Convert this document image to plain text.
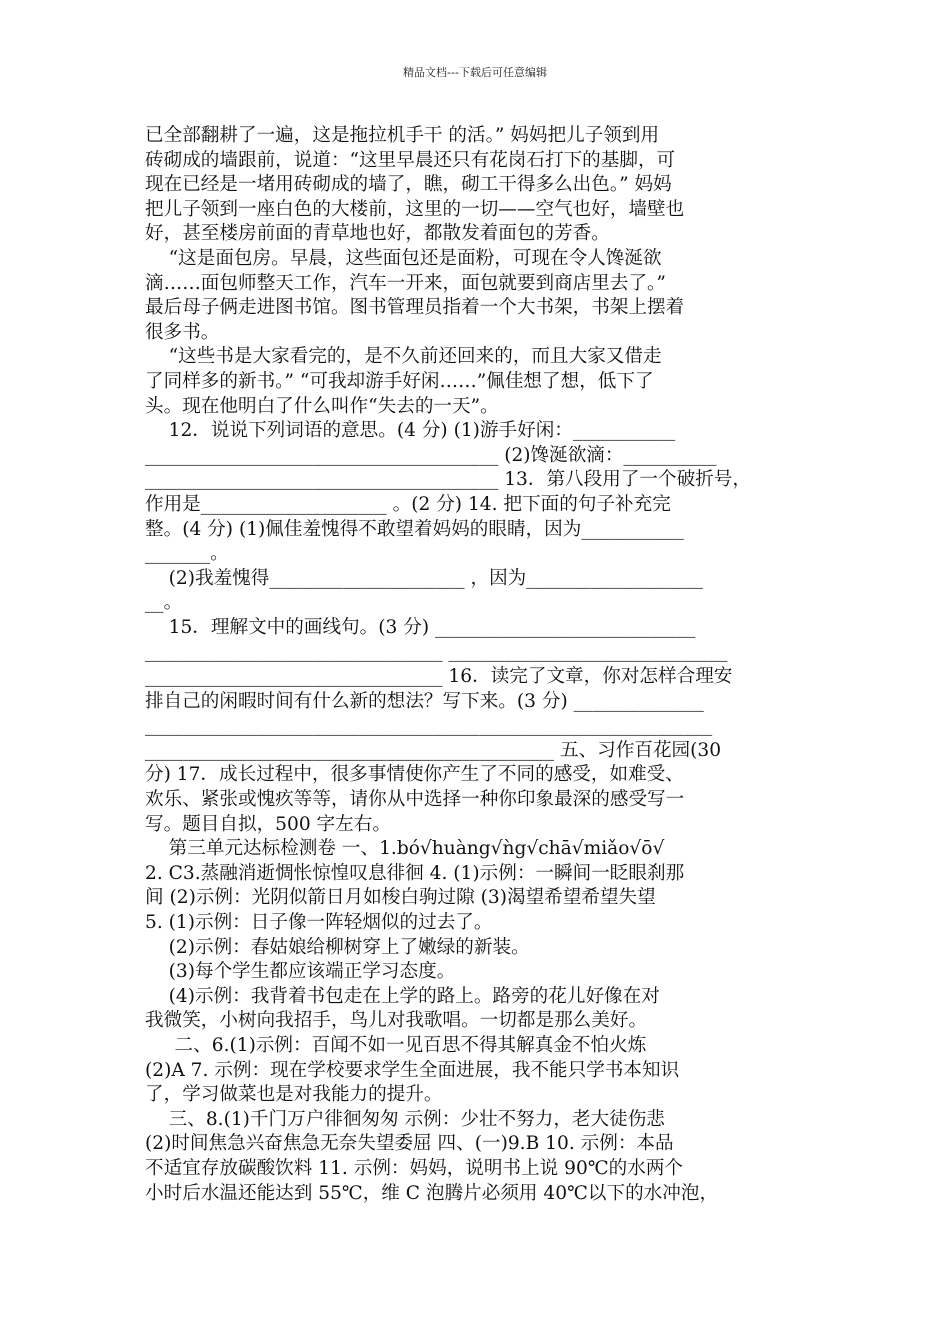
精品文档---下载后可任意编辑
已全部翻耕了一遍，这是拖拉机手干 的活。” 妈妈把儿子领到用
砖砌成的墙跟前，说道：“这里早晨还只有花岗石打下的基脚，可
现在已经是一堵用砖砌成的墙了，瞧，砌工干得多么出色。” 妈妈
把儿子领到一座白色的大楼前，这里的一切——空气也好，墙壁也
好，甚至楼房前面的青草地也好，都散发着面包的芳香。
“这是面包房。早晨，这些面包还是面粉，可现在令人馋涎欲
滴……面包师整天工作，汽车一开来，面包就要到商店里去了。”
最后母子俩走进图书馆。图书管理员指着一个大书架，书架上摆着
很多书。
“这些书是大家看完的，是不久前还回来的，而且大家又借走
了同样多的新书。” “可我却游手好闲……”佩佳想了想，低下了
头。现在他明白了什么叫作“失去的一天”。
12．说说下列词语的意思。(4 分) (1)游手好闲：___________
______________________________________ (2)馋涎欲滴：__________
______________________________________ 13．第八段用了一个破折号，
作用是____________________ 。(2 分) 14. 把下面的句子补充完
整。(4 分) (1)佩佳羞愧得不敢望着妈妈的眼睛，因为___________
_______。
(2)我羞愧得_____________________ ，因为___________________
__。
15．理解文中的画线句。(3 分) ____________________________
________________________________ ______________________________
________________________________ 16．读完了文章，你对怎样合理安
排自己的闲暇时间有什么新的想法？写下来。(3 分) ______________
_____________________________________________________________
____________________________________________ 五、习作百花园(30
分) 17．成长过程中，很多事情使你产生了不同的感受，如难受、
欢乐、紧张或愧疚等等，请你从中选择一种你印象最深的感受写一
写。题目自拟，500 字左右。
第三单元达标检测卷 一、1.bó√huàng√ǹg√chā√miǎo√ō√
2. C3.蒸融消逝惆怅惊惶叹息徘徊 4. (1)示例：一瞬间一眨眼刹那
间 (2)示例：光阴似箭日月如梭白驹过隙 (3)渴望希望希望失望
5. (1)示例：日子像一阵轻烟似的过去了。
(2)示例：春姑娘给柳树穿上了嫩绿的新装。
(3)每个学生都应该端正学习态度。
(4)示例：我背着书包走在上学的路上。路旁的花儿好像在对
我微笑，小树向我招手，鸟儿对我歌唱。一切都是那么美好。
二、6.(1)示例：百闻不如一见百思不得其解真金不怕火炼
(2)A 7. 示例：现在学校要求学生全面进展，我不能只学书本知识
了，学习做菜也是对我能力的提升。
三、8.(1)千门万户徘徊匆匆 示例：少壮不努力，老大徒伤悲
(2)时间焦急兴奋焦急无奈失望委屈 四、(一)9.B 10. 示例：本品
不适宜存放碳酸饮料 11. 示例：妈妈，说明书上说 90℃的水两个
小时后水温还能达到 55℃，维 C 泡腾片必须用 40℃以下的水冲泡，
